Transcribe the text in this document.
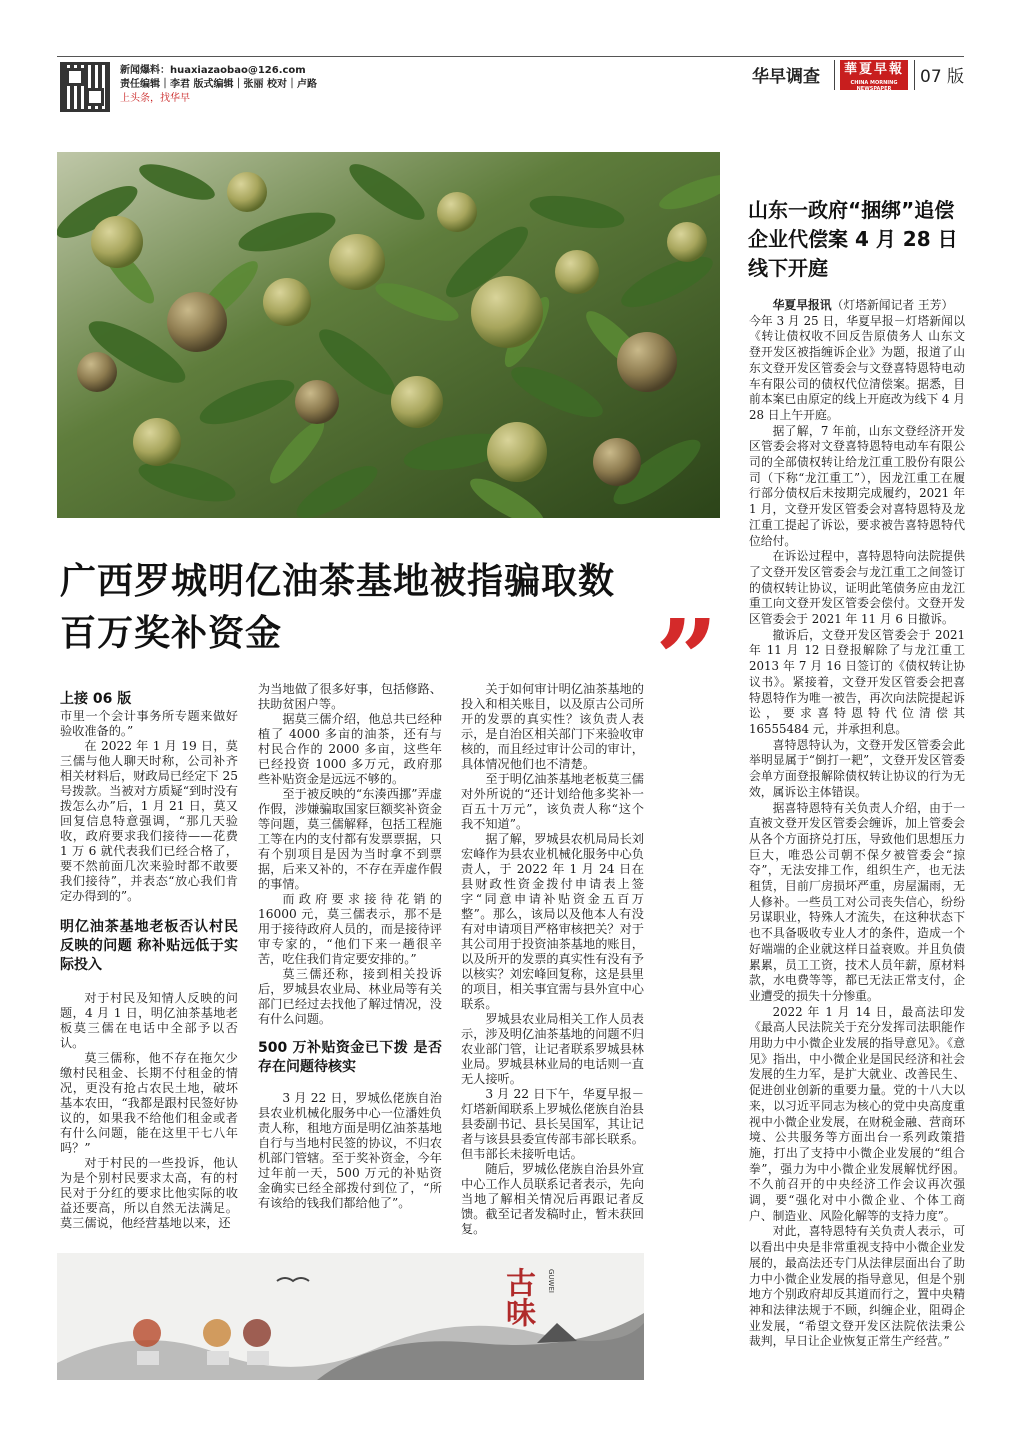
新闻爆料：huaxiazaobao@126.com
责任编辑｜李君 版式编辑｜张丽 校对｜卢路
上头条，找华早
华早调查	華夏早報
CHINA MORNING NEWSPAPER
07 版
广西罗城明亿油茶基地被指骗取数
百万奖补资金	”

上接 06 版

市里一个会计事务所专题来做好验收准备的。”

在 2022 年 1 月 19 日，莫三儒与他人聊天时称，公司补齐相关材料后，财政局已经定下 25 号拨款。当被对方质疑“到时没有拨怎么办”后，1 月 21 日，莫又回复信息特意强调，“那几天验收，政府要求我们接待——花费 1 万 6 就代表我们已经合格了，要不然前面几次来验时都不敢要我们接待”，并表态“放心我们肯定办得到的”。

明亿油茶基地老板否认村民反映的问题 称补贴远低于实际投入

对于村民及知情人反映的问题，4 月 1 日，明亿油茶基地老板莫三儒在电话中全部予以否认。

莫三儒称，他不存在拖欠少缴村民租金、长期不付租金的情况，更没有抢占农民土地，破坏基本农田，“我都是跟村民签好协议的，如果我不给他们租金或者有什么问题，能在这里干七八年吗？”

对于村民的一些投诉，他认为是个别村民要求太高，有的村民对于分红的要求比他实际的收益还要高，所以自然无法满足。莫三儒说，他经营基地以来，还

为当地做了很多好事，包括修路、扶助贫困户等。

据莫三儒介绍，他总共已经种植了 4000 多亩的油茶，还有与村民合作的 2000 多亩，这些年已经投资 1000 多万元，政府那些补贴资金是远远不够的。

至于被反映的“东湊西挪”弄虚作假，涉嫌骗取国家巨额奖补资金等问题，莫三儒解释，包括工程施工等在内的支付都有发票票据，只有个别项目是因为当时拿不到票据，后来又补的，不存在弄虚作假的事情。

而政府要求接待花销的 16000 元，莫三儒表示，那不是用于接待政府人员的，而是接待评审专家的，“他们下来一趟很辛苦，吃住我们肯定要安排的。”

莫三儒还称，接到相关投诉后，罗城县农业局、林业局等有关部门已经过去找他了解过情况，没有什么问题。

500 万补贴资金已下拨 是否存在问题待核实

3 月 22 日，罗城仫佬族自治县农业机械化服务中心一位潘姓负责人称，租地方面是明亿油茶基地自行与当地村民签的协议，不归农机部门管辖。至于奖补资金，今年过年前一天，500 万元的补贴资金确实已经全部拨付到位了，“所有该给的钱我们都给他了”。

关于如何审计明亿油茶基地的投入和相关账目，以及原古公司所开的发票的真实性？该负责人表示，是自治区相关部门下来验收审核的，而且经过审计公司的审计，具体情况他们也不清楚。

至于明亿油茶基地老板莫三儒对外所说的“还计划给他多奖补一百五十万元”，该负责人称“这个我不知道”。

据了解，罗城县农机局局长刘宏峰作为县农业机械化服务中心负责人，于 2022 年 1 月 24 日在县财政性资金拨付申请表上签字“同意申请补贴资金五百万整”。那么，该局以及他本人有没有对申请项目严格审核把关？对于其公司用于投资油茶基地的账目，以及所开的发票的真实性有没有予以核实？刘宏峰回复称，这是县里的项目，相关事宜需与县外宣中心联系。

罗城县农业局相关工作人员表示，涉及明亿油茶基地的问题不归农业部门管，让记者联系罗城县林业局。罗城县林业局的电话则一直无人接听。

3 月 22 日下午，华夏早报－灯塔新闻联系上罗城仫佬族自治县县委副书记、县长吴国军，其让记者与该县县委宣传部韦部长联系。但韦部长未接听电话。

随后，罗城仫佬族自治县外宣中心工作人员联系记者表示，先向当地了解相关情况后再跟记者反馈。截至记者发稿时止，暂未获回复。

山东一政府“捆绑”追偿企业代偿案 4 月 28 日线下开庭

华夏早报讯（灯塔新闻记者 王芳）

今年 3 月 25 日，华夏早报－灯塔新闻以《转让债权收不回反告原债务人 山东文登开发区被指缠诉企业》为题，报道了山东文登开发区管委会与文登喜特恩特电动车有限公司的债权代位清偿案。据悉，目前本案已由原定的线上开庭改为线下 4 月 28 日上午开庭。

据了解，7 年前，山东文登经济开发区管委会将对文登喜特恩特电动车有限公司的全部债权转让给龙江重工股份有限公司（下称“龙江重工”），因龙江重工在履行部分债权后未按期完成履约，2021 年 1 月，文登开发区管委会对喜特恩特及龙江重工提起了诉讼，要求被告喜特恩特代位给付。

在诉讼过程中，喜特恩特向法院提供了文登开发区管委会与龙江重工之间签订的债权转让协议，证明此笔债务应由龙江重工向文登开发区管委会偿付。文登开发区管委会于 2021 年 11 月 6 日撤诉。

撤诉后，文登开发区管委会于 2021 年 11 月 12 日登报解除了与龙江重工 2013 年 7 月 16 日签订的《债权转让协议书》。紧接着，文登开发区管委会把喜特恩特作为唯一被告，再次向法院提起诉讼，要求喜特恩特代位清偿其 16555484 元，并承担利息。

喜特恩特认为，文登开发区管委会此举明显属于“倒打一耙”，文登开发区管委会单方面登报解除债权转让协议的行为无效，属诉讼主体错误。

据喜特恩特有关负责人介绍，由于一直被文登开发区管委会缠诉，加上管委会从各个方面挤兑打压，导致他们思想压力巨大，唯恐公司朝不保夕被管委会“掠夺”，无法安排工作，组织生产，也无法租赁，目前厂房损坏严重，房屋漏雨，无人修补。一些员工对公司丧失信心，纷纷另谋职业，特殊人才流失，在这种状态下也不具备吸收专业人才的条件，造成一个好端端的企业就这样日益衰败。并且负债累累，员工工资，技术人员年薪，原材料款，水电费等等，都已无法正常支付，企业遭受的损失十分惨重。

2022 年 1 月 14 日，最高法印发《最高人民法院关于充分发挥司法职能作用助力中小微企业发展的指导意见》。《意见》指出，中小微企业是国民经济和社会发展的生力军，是扩大就业、改善民生、促进创业创新的重要力量。党的十八大以来，以习近平同志为核心的党中央高度重视中小微企业发展，在财税金融、营商环境、公共服务等方面出台一系列政策措施，打出了支持中小微企业发展的“组合拳”，强力为中小微企业发展解忧纾困。不久前召开的中央经济工作会议再次强调，要“强化对中小微企业、个体工商户、制造业、风险化解等的支持力度”。

对此，喜特恩特有关负责人表示，可以看出中央是非常重视支持中小微企业发展的，最高法还专门从法律层面出台了助力中小微企业发展的指导意见，但是个别地方个别政府却反其道而行之，置中央精神和法律法规于不顾，纠缠企业，阻碍企业发展，“希望文登开发区法院依法秉公裁判，早日让企业恢复正常生产经营。”

古味	GUWEI
